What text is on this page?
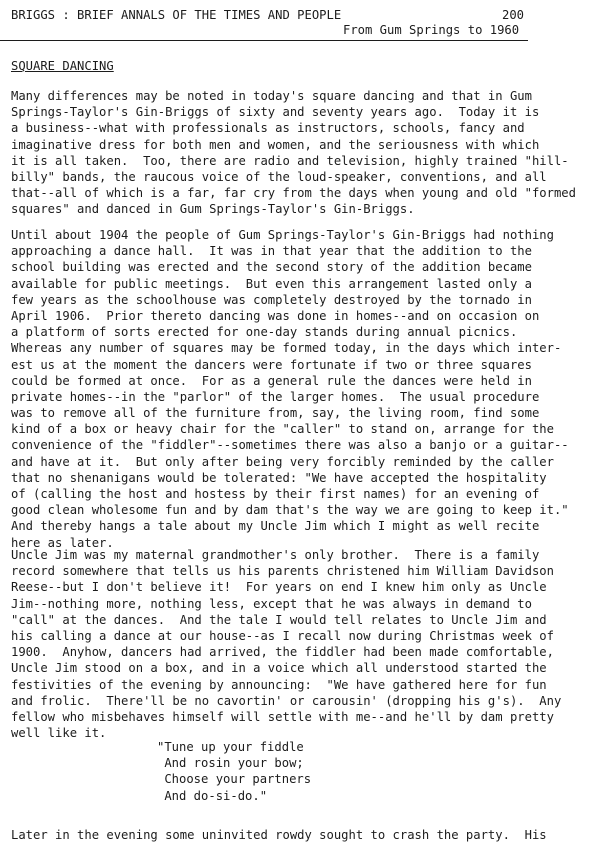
BRIGGS : BRIEF ANNALS OF THE TIMES AND PEOPLE	200
From Gum Springs to 1960
SQUARE DANCING
Many differences may be noted in today's square dancing and that in Gum
Springs-Taylor's Gin-Briggs of sixty and seventy years ago.  Today it is
a business--what with professionals as instructors, schools, fancy and
imaginative dress for both men and women, and the seriousness with which
it is all taken.  Too, there are radio and television, highly trained "hill-
billy" bands, the raucous voice of the loud-speaker, conventions, and all
that--all of which is a far, far cry from the days when young and old "formed
squares" and danced in Gum Springs-Taylor's Gin-Briggs.
Until about 1904 the people of Gum Springs-Taylor's Gin-Briggs had nothing
approaching a dance hall.  It was in that year that the addition to the
school building was erected and the second story of the addition became
available for public meetings.  But even this arrangement lasted only a
few years as the schoolhouse was completely destroyed by the tornado in
April 1906.  Prior thereto dancing was done in homes--and on occasion on
a platform of sorts erected for one-day stands during annual picnics.
Whereas any number of squares may be formed today, in the days which inter-
est us at the moment the dancers were fortunate if two or three squares
could be formed at once.  For as a general rule the dances were held in
private homes--in the "parlor" of the larger homes.  The usual procedure
was to remove all of the furniture from, say, the living room, find some
kind of a box or heavy chair for the "caller" to stand on, arrange for the
convenience of the "fiddler"--sometimes there was also a banjo or a guitar--
and have at it.  But only after being very forcibly reminded by the caller
that no shenanigans would be tolerated: "We have accepted the hospitality
of (calling the host and hostess by their first names) for an evening of
good clean wholesome fun and by dam that's the way we are going to keep it."
And thereby hangs a tale about my Uncle Jim which I might as well recite
here as later.
Uncle Jim was my maternal grandmother's only brother.  There is a family
record somewhere that tells us his parents christened him William Davidson
Reese--but I don't believe it!  For years on end I knew him only as Uncle
Jim--nothing more, nothing less, except that he was always in demand to
"call" at the dances.  And the tale I would tell relates to Uncle Jim and
his calling a dance at our house--as I recall now during Christmas week of
1900.  Anyhow, dancers had arrived, the fiddler had been made comfortable,
Uncle Jim stood on a box, and in a voice which all understood started the
festivities of the evening by announcing:  "We have gathered here for fun
and frolic.  There'll be no cavortin' or carousin' (dropping his g's).  Any
fellow who misbehaves himself will settle with me--and he'll by dam pretty
well like it.
"Tune up your fiddle
And rosin your bow;
Choose your partners
And do-si-do."
Later in the evening some uninvited rowdy sought to crash the party.  His
